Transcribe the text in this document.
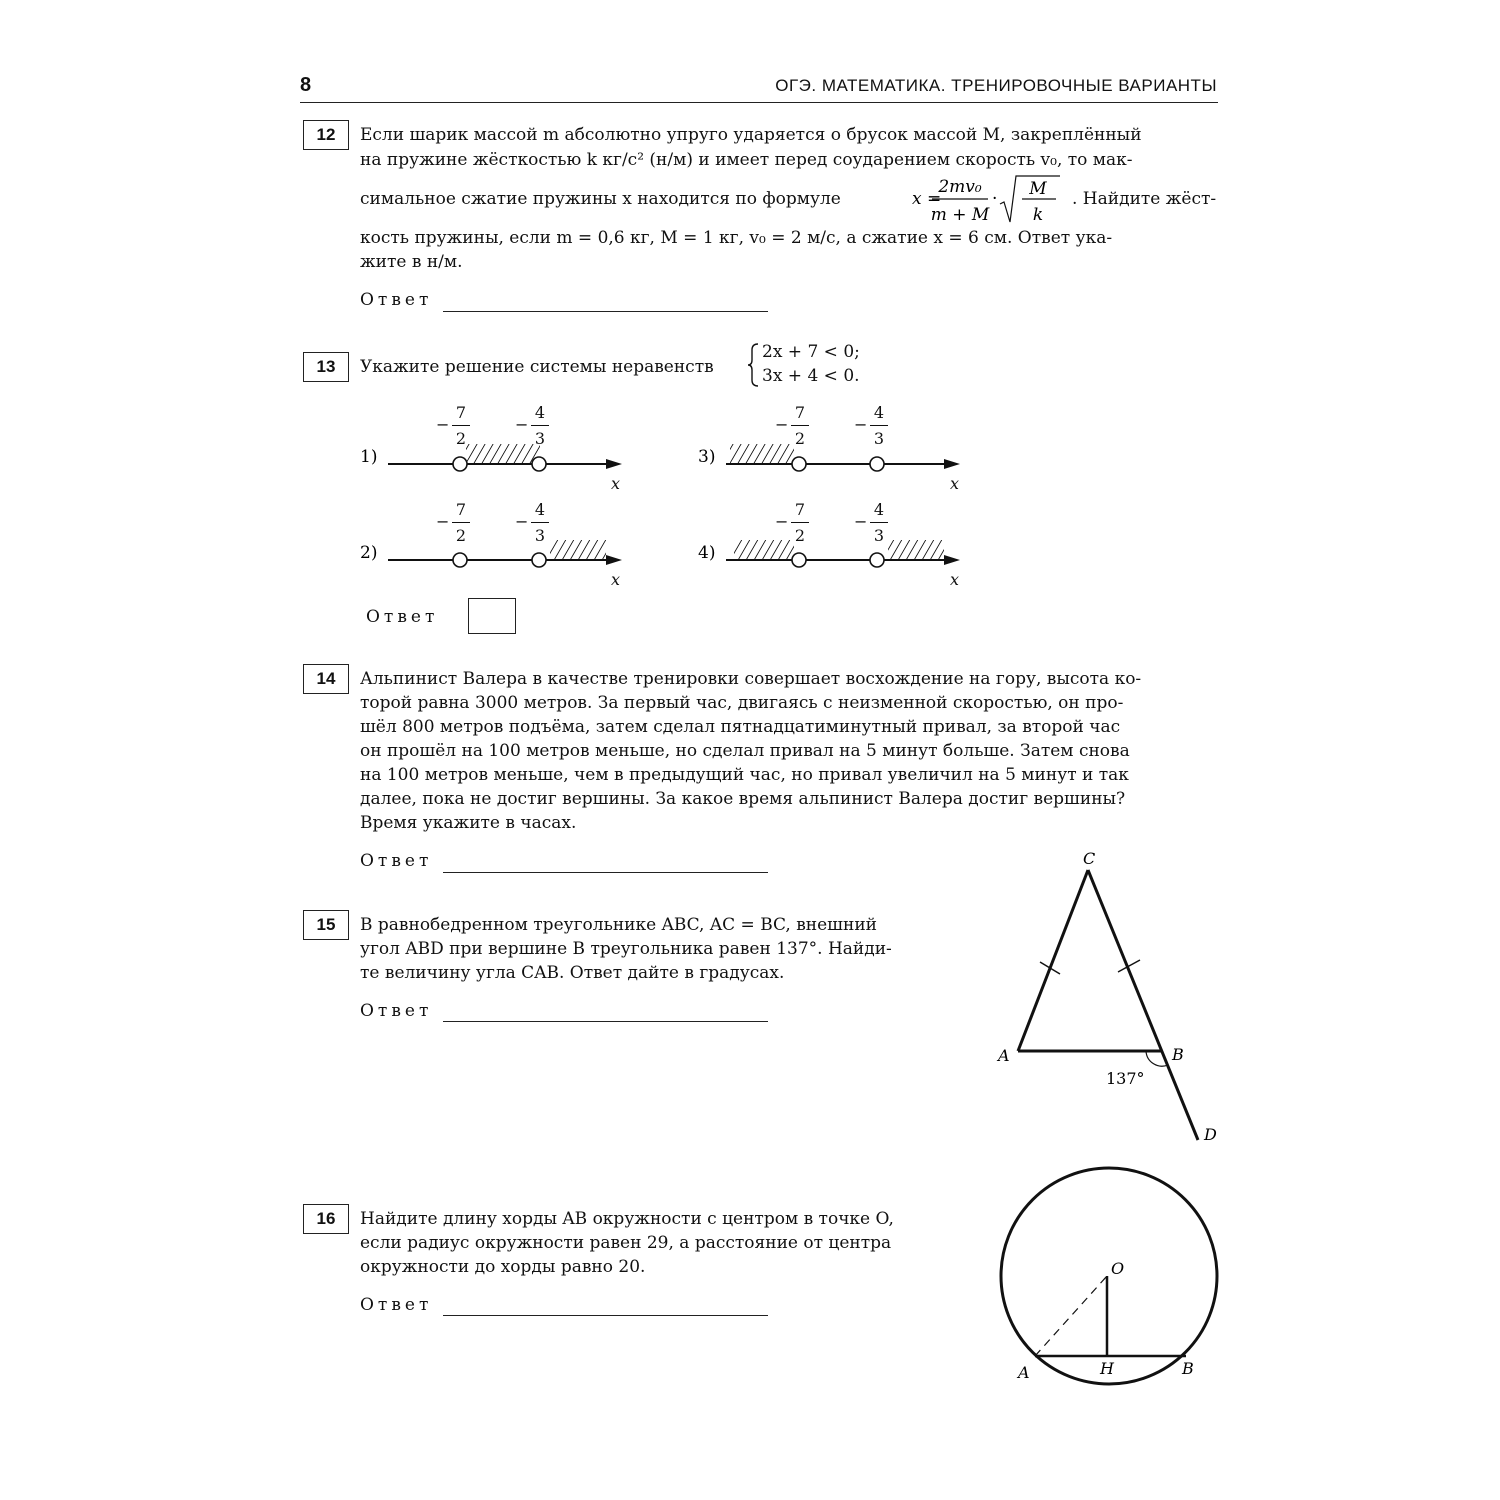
8	ОГЭ. МАТЕМАТИКА. ТРЕНИРОВОЧНЫЕ ВАРИАНТЫ
12	Если шарик массой m абсолютно упруго ударяется о брусок массой M, закреплённый
на пружине жёсткостью k кг/с² (н/м) и имеет перед соударением скорость v₀, то мак-
симальное сжатие пружины x находится по формуле	x =
2mv₀
m + M
· M
k
. Найдите жёст-
кость пружины, если m = 0,6 кг, M = 1 кг, v₀ = 2 м/с, а сжатие x = 6 см. Ответ ука-
жите в н/м.
Ответ
13	Укажите решение системы неравенств
2x + 7 < 0;
3x + 4 < 0.
1)	3)
2)	4)
−
7
2
−
4
3
−
7
2
−
4
3
−
7
2
−
4
3
−
7
2
−
4
3
x	x
x	x
Ответ
14	Альпинист Валера в качестве тренировки совершает восхождение на гору, высота ко-
торой равна 3000 метров. За первый час, двигаясь с неизменной скоростью, он про-
шёл 800 метров подъёма, затем сделал пятнадцатиминутный привал, за второй час
он прошёл на 100 метров меньше, но сделал привал на 5 минут больше. Затем снова
на 100 метров меньше, чем в предыдущий час, но привал увеличил на 5 минут и так
далее, пока не достиг вершины. За какое время альпинист Валера достиг вершины?
Время укажите в часах.
Ответ
15	В равнобедренном треугольнике ABC, AC = BC, внешний
угол ABD при вершине B треугольника равен 137°. Найди-
те величину угла CAB. Ответ дайте в градусах.
Ответ
C
A	B
D
137°
16	Найдите длину хорды AB окружности с центром в точке O,
если радиус окружности равен 29, а расстояние от центра
окружности до хорды равно 20.
Ответ
O
A	B
H
